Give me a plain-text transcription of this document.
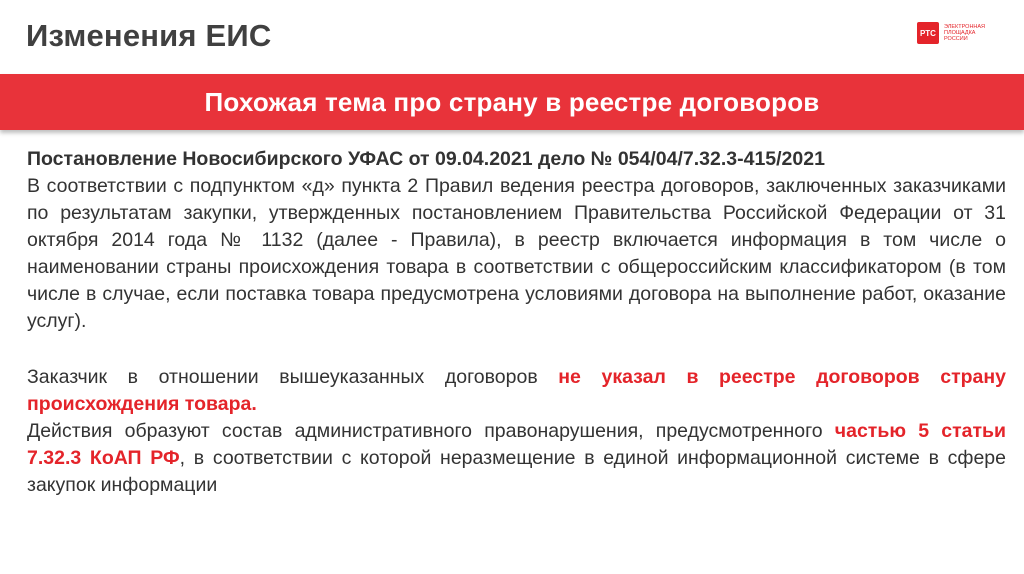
Изменения ЕИС	РТС
ЭЛЕКТРОННАЯ ПЛОЩАДКА РОССИИ
Похожая тема про страну в реестре договоров

Постановление Новосибирского УФАС от 09.04.2021 дело № 054/04/7.32.3-415/2021

В соответствии с подпунктом «д» пункта 2 Правил ведения реестра договоров, заключенных заказчиками по результатам закупки, утвержденных постановлением Правительства Российской Федерации от 31 октября 2014 года № 1132 (далее - Правила), в реестр включается информация в том числе о наименовании страны происхождения товара в соответствии с общероссийским классификатором (в том числе в случае, если поставка товара предусмотрена условиями договора на выполнение работ, оказание услуг).

Заказчик в отношении вышеуказанных договоров не указал в реестре договоров страну происхождения товара.

Действия образуют состав административного правонарушения, предусмотренного частью 5 статьи 7.32.3 КоАП РФ, в соответствии с которой неразмещение в единой информационной системе в сфере закупок информации
